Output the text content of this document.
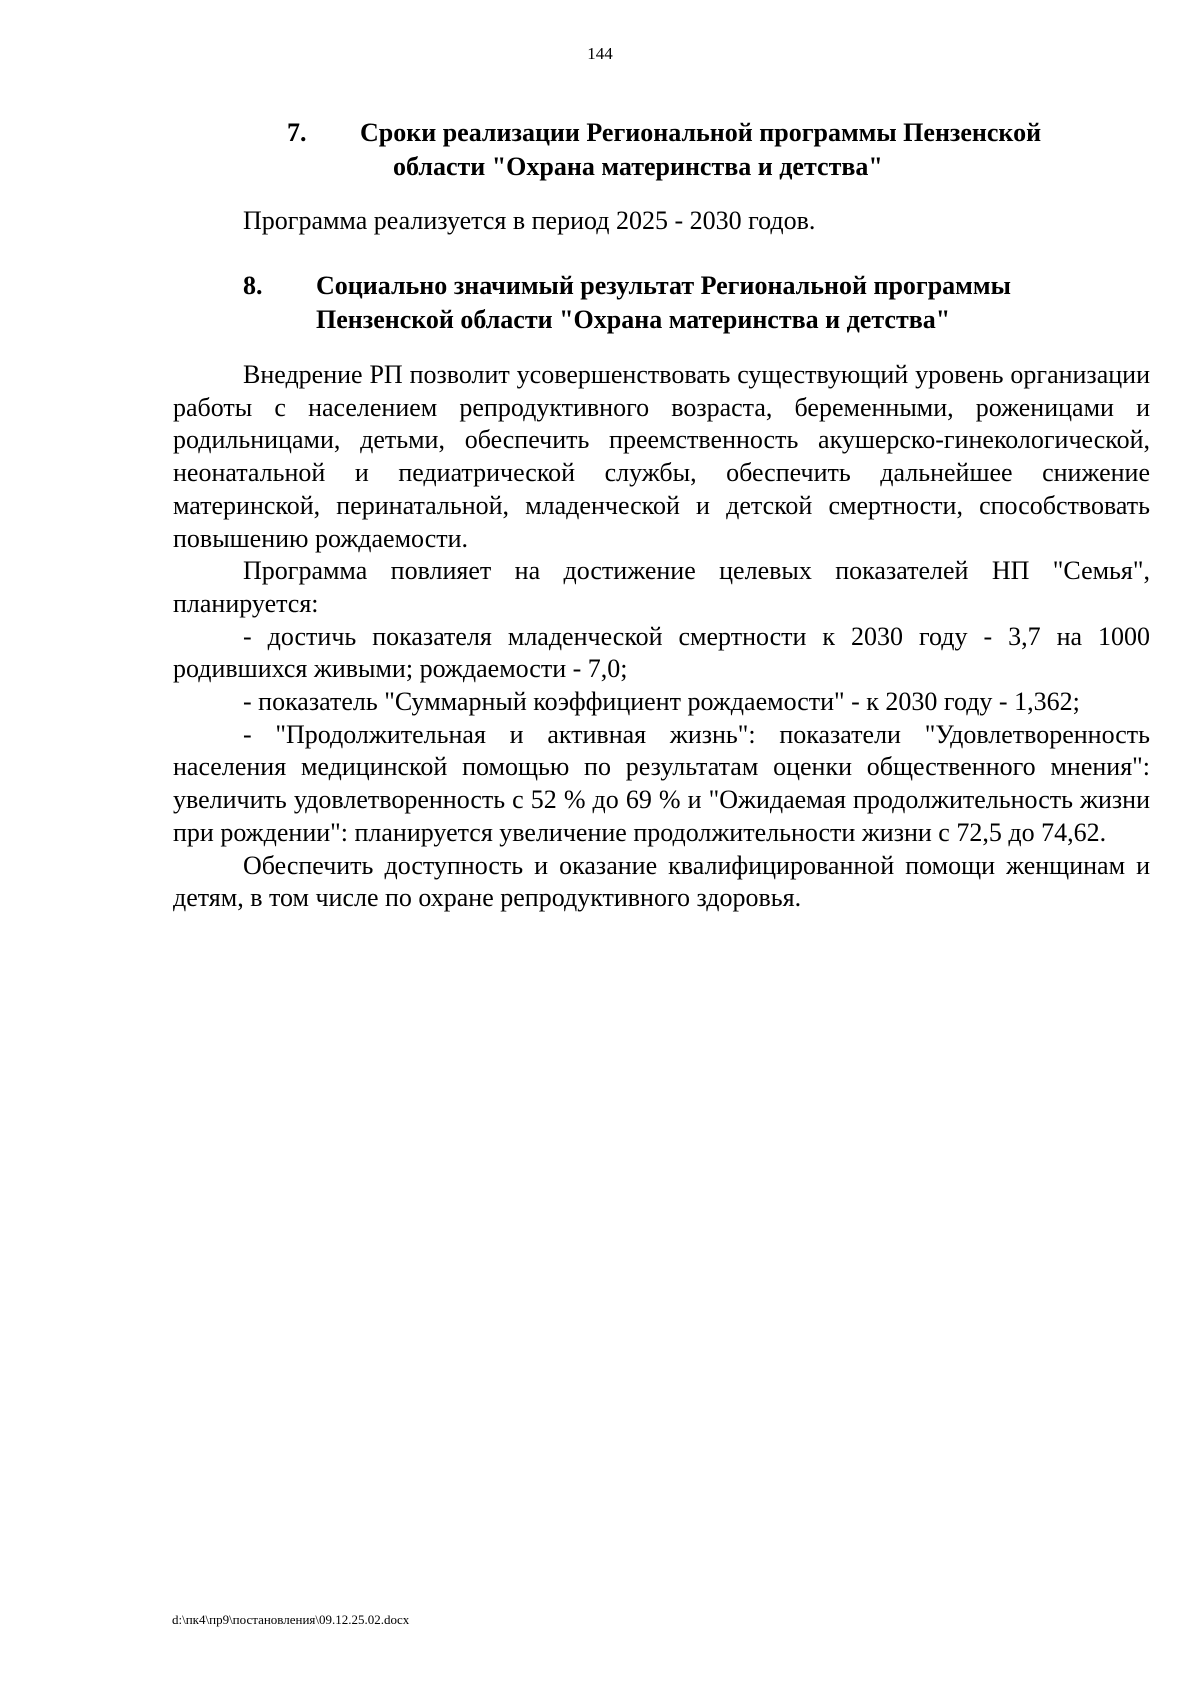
144
7. Сроки реализации Региональной программы Пензенской
области "Охрана материнства и детства"
Программа реализуется в период 2025 - 2030 годов.
8. Социально значимый результат Региональной программы
Пензенской области "Охрана материнства и детства"

Внедрение РП позволит усовершенствовать существующий уровень организации работы с населением репродуктивного возраста, беременными, роженицами и родильницами, детьми, обеспечить преемственность акушерско-гинекологической, неонатальной и педиатрической службы, обеспечить дальнейшее снижение материнской, перинатальной, младенческой и детской смертности, способствовать повышению рождаемости.

Программа повлияет на достижение целевых показателей НП "Семья", планируется:

- достичь показателя младенческой смертности к 2030 году - 3,7 на 1000 родившихся живыми; рождаемости - 7,0;

- показатель "Суммарный коэффициент рождаемости" - к 2030 году - 1,362;

- "Продолжительная и активная жизнь": показатели "Удовлетворенность населения медицинской помощью по результатам оценки общественного мнения": увеличить удовлетворенность с 52 % до 69 % и "Ожидаемая продолжительность жизни при рождении": планируется увеличение продолжительности жизни с 72,5 до 74,62.

Обеспечить доступность и оказание квалифицированной помощи женщинам и детям, в том числе по охране репродуктивного здоровья.

d:\пк4\пр9\постановления\09.12.25.02.docx
